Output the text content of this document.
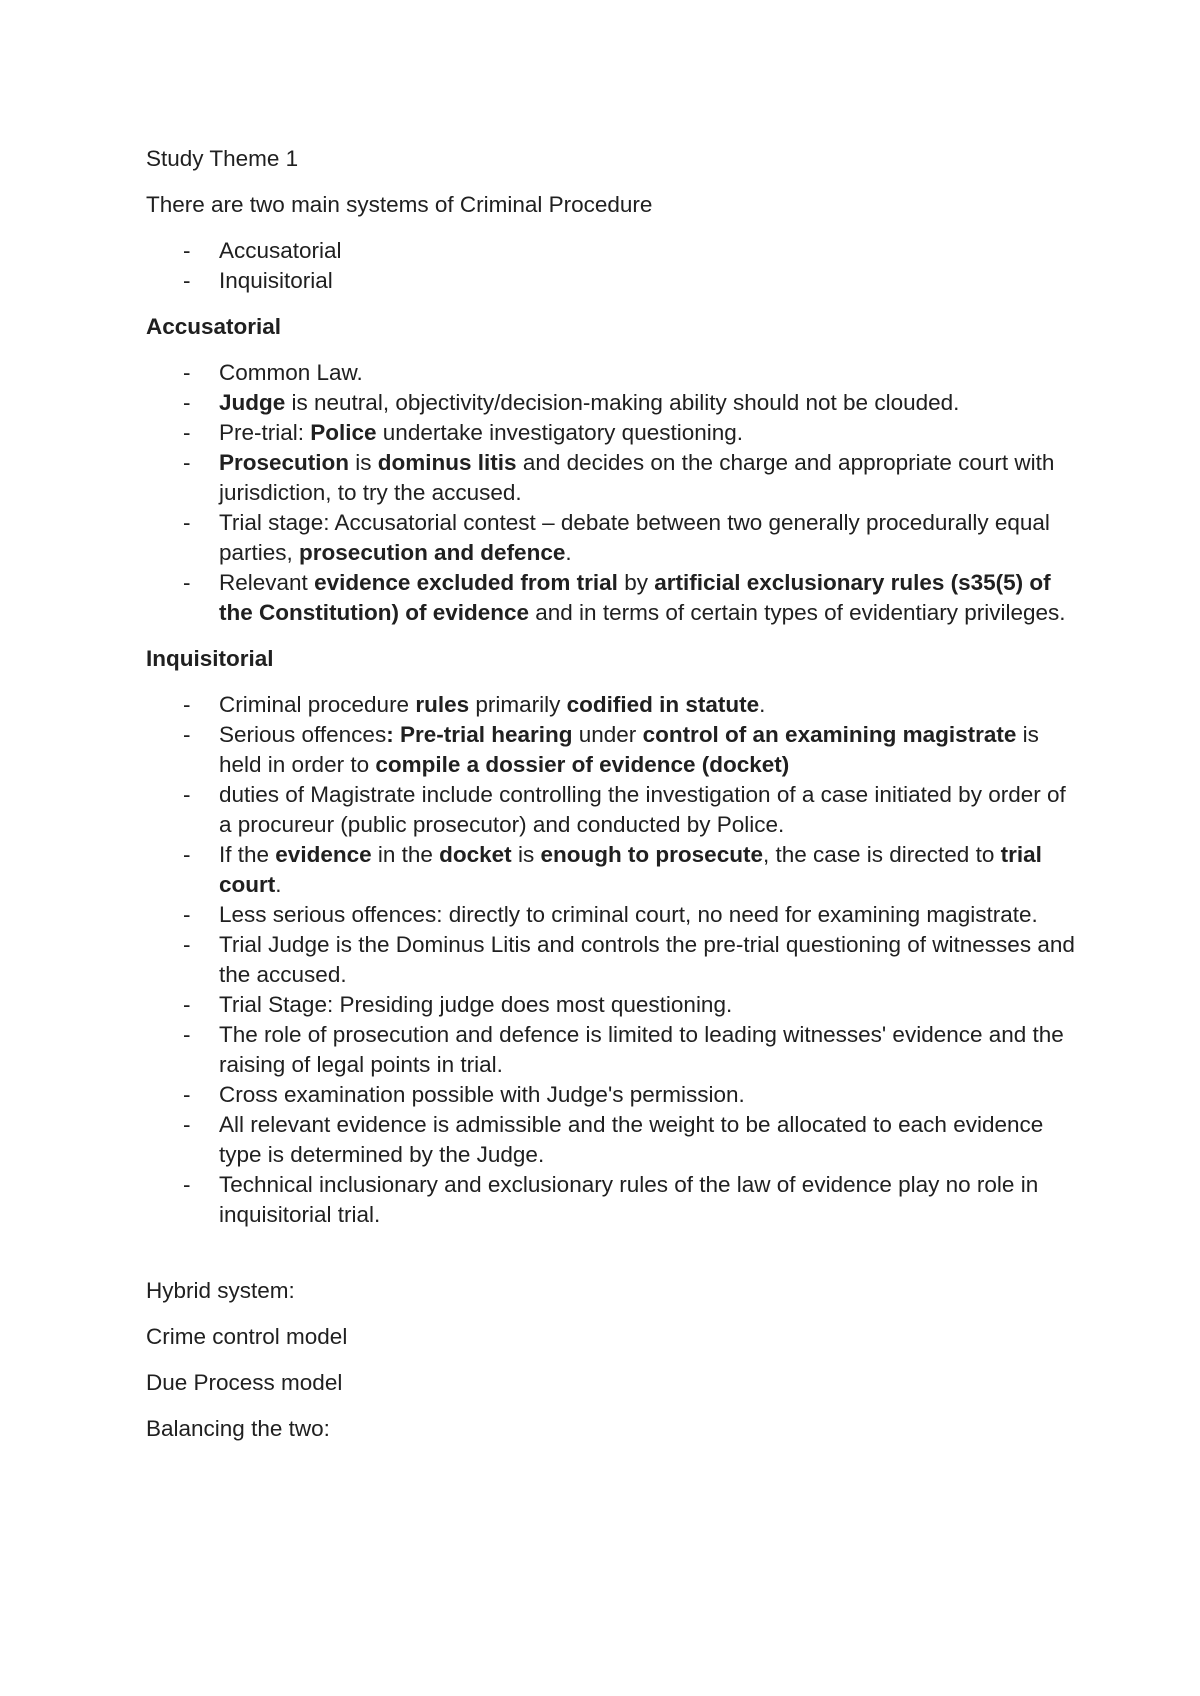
Study Theme 1

There are two main systems of Criminal Procedure

- Accusatorial
- Inquisitorial

Accusatorial

- Common Law.
- Judge is neutral, objectivity/decision-making ability should not be clouded.
- Pre-trial: Police undertake investigatory questioning.
- Prosecution is dominus litis and decides on the charge and appropriate court with jurisdiction, to try the accused.
- Trial stage: Accusatorial contest – debate between two generally procedurally equal parties, prosecution and defence.
- Relevant evidence excluded from trial by artificial exclusionary rules (s35(5) of the Constitution) of evidence and in terms of certain types of evidentiary privileges.

Inquisitorial

- Criminal procedure rules primarily codified in statute.
- Serious offences: Pre-trial hearing under control of an examining magistrate is held in order to compile a dossier of evidence (docket)
- duties of Magistrate include controlling the investigation of a case initiated by order of a procureur (public prosecutor) and conducted by Police.
- If the evidence in the docket is enough to prosecute, the case is directed to trial court.
- Less serious offences: directly to criminal court, no need for examining magistrate.
- Trial Judge is the Dominus Litis and controls the pre-trial questioning of witnesses and the accused.
- Trial Stage: Presiding judge does most questioning.
- The role of prosecution and defence is limited to leading witnesses' evidence and the raising of legal points in trial.
- Cross examination possible with Judge's permission.
- All relevant evidence is admissible and the weight to be allocated to each evidence type is determined by the Judge.
- Technical inclusionary and exclusionary rules of the law of evidence play no role in inquisitorial trial.

Hybrid system:

Crime control model

Due Process model

Balancing the two:
